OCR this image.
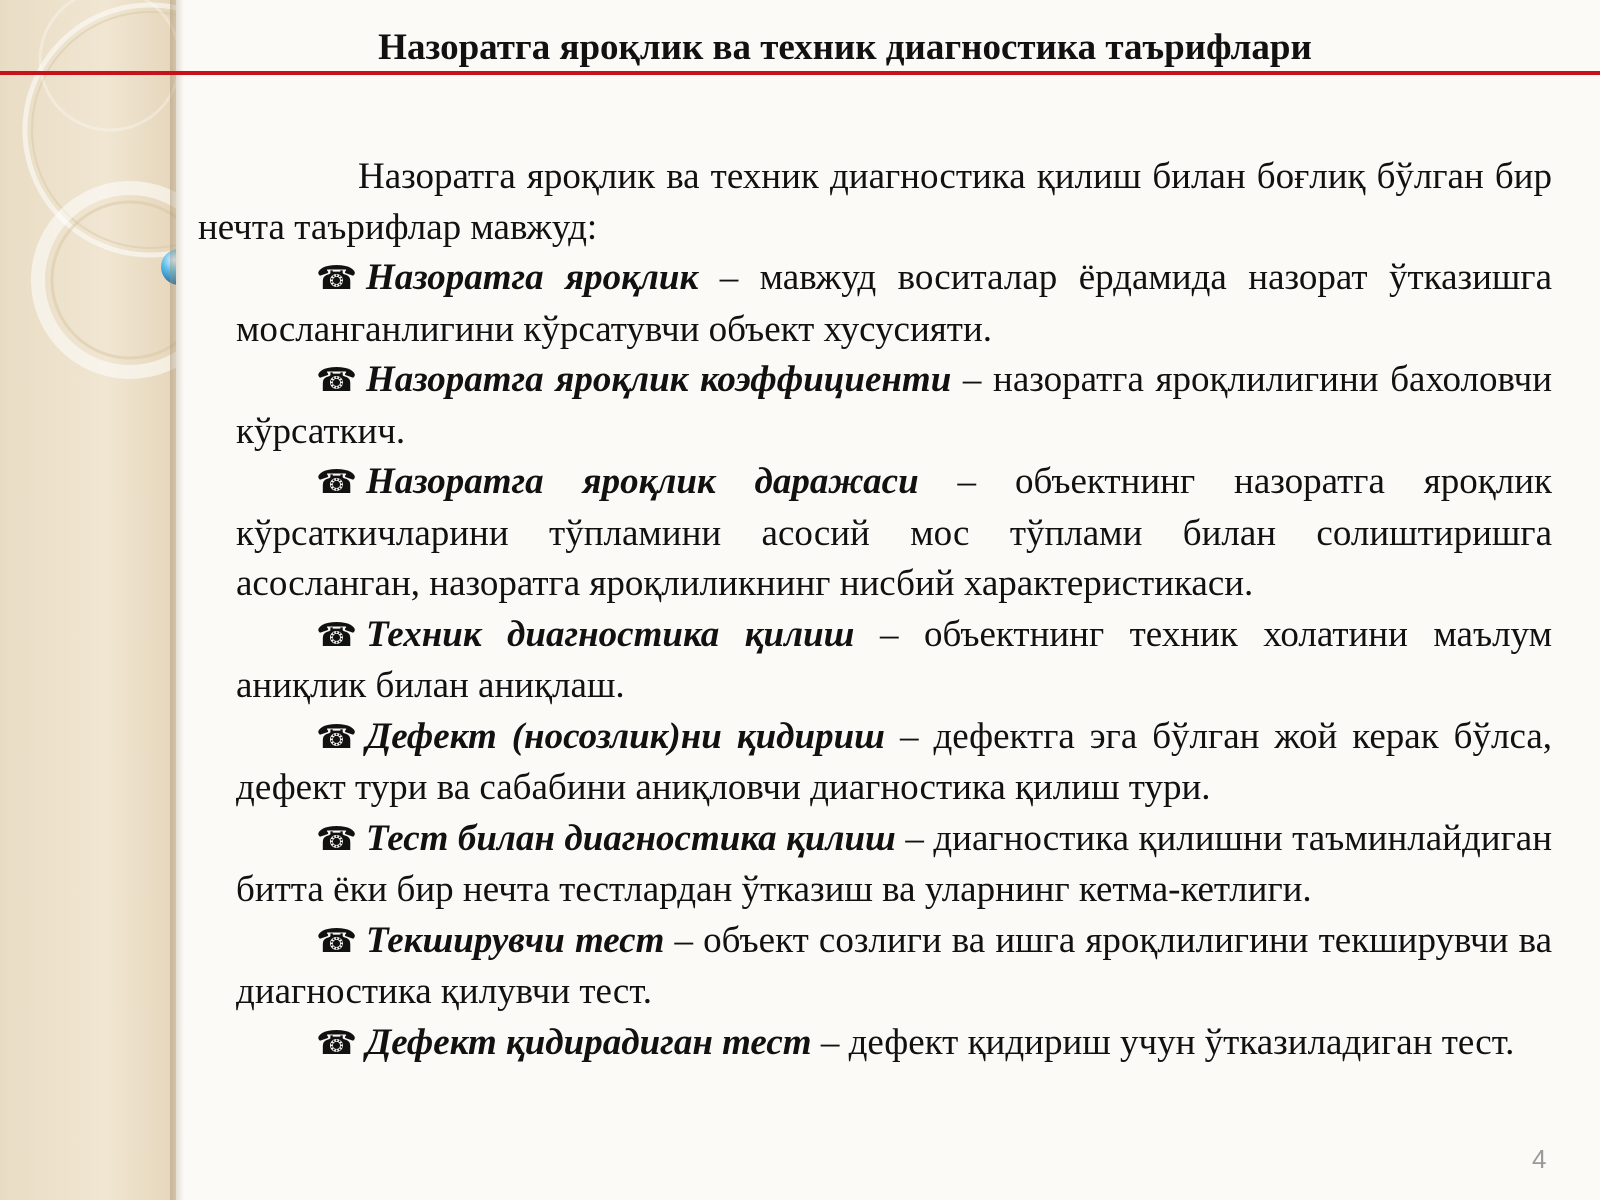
Назоратга яроқлик ва техник диагностика таърифлари

Назоратга яроқлик ва техник диагностика қилиш билан боғлиқ бўлган бир нечта таърифлар мавжуд:

☎ Назоратга яроқлик – мавжуд воситалар ёрдамида назорат ўтказишга мосланганлигини кўрсатувчи объект хусусияти.

☎ Назоратга яроқлик коэффициенти – назоратга яроқлилигини бахоловчи кўрсаткич.

☎ Назоратга яроқлик даражаси – объектнинг назоратга яроқлик кўрсаткичларини тўпламини асосий мос тўплами билан солиштиришга асосланган, назоратга яроқлиликнинг нисбий характеристикаси.

☎ Техник диагностика қилиш – объектнинг техник холатини маълум аниқлик билан аниқлаш.

☎ Дефект (носозлик)ни қидириш – дефектга эга бўлган жой керак бўлса, дефект тури ва сабабини аниқловчи диагностика қилиш тури.

☎ Тест билан диагностика қилиш – диагностика қилишни таъминлайдиган битта ёки бир нечта тестлардан ўтказиш ва уларнинг кетма-кетлиги.

☎ Текширувчи тест – объект созлиги ва ишга яроқлилигини текширувчи ва диагностика қилувчи тест.

☎ Дефект қидирадиган тест – дефект қидириш учун ўтказиладиган тест.

4
